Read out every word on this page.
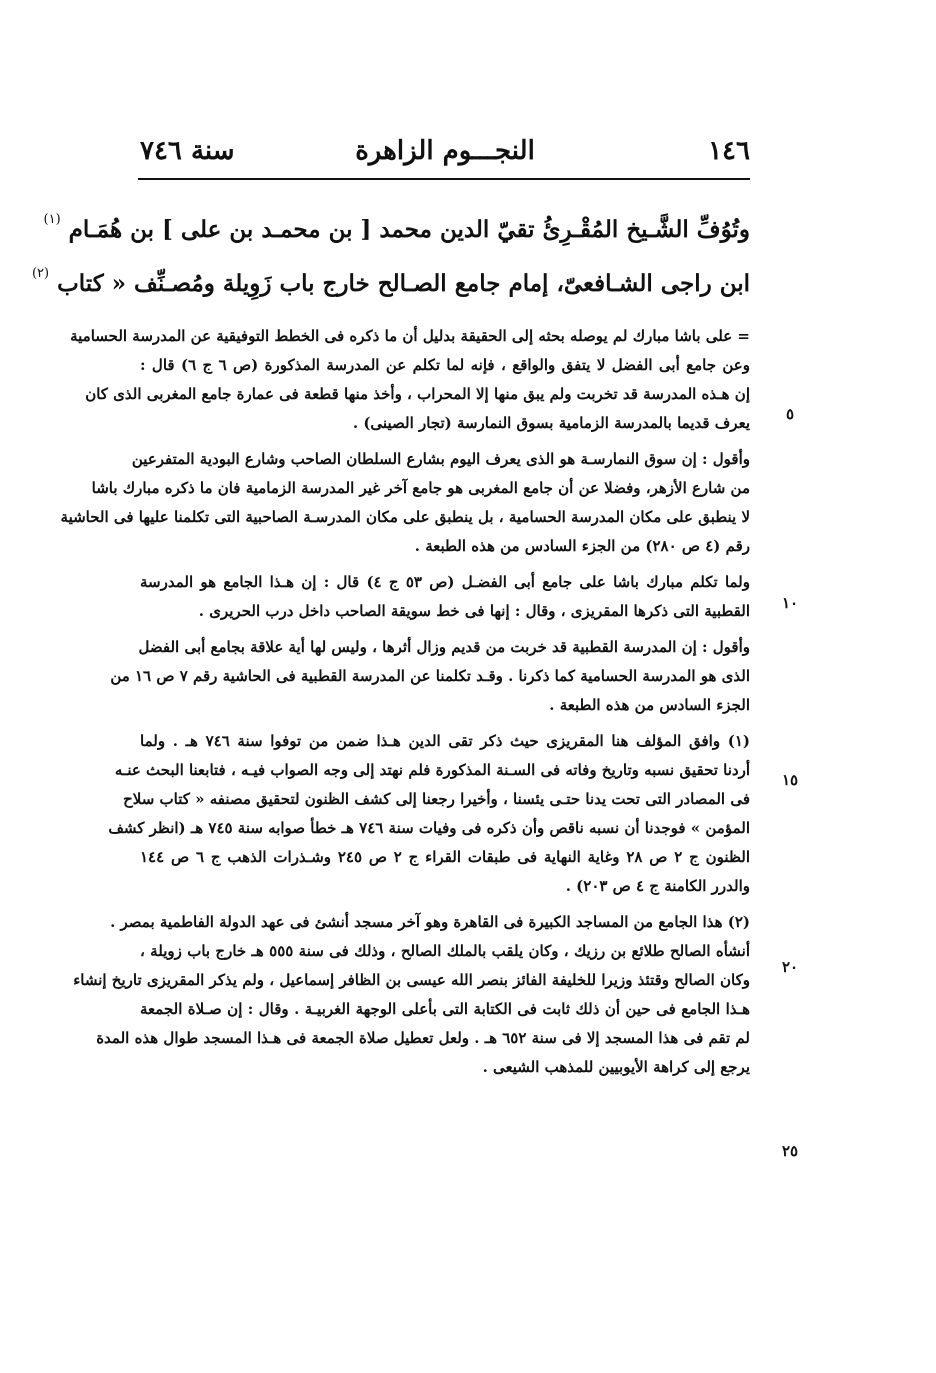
سنة ٧٤٦	النجـــوم الزاهرة	١٤٦
وتُوُفِّ الشَّـيخ المُقْـرِئُ تقيّ الدين محمد [ بن محمـد بن على ] بن هُمَـام $^{(١)}$
ابن راجى الشـافعىّ، إمام جامع الصـالح خارج باب زَوِيلة ومُصـنِّف « كتاب $^{(٢)}$
= على باشا مبارك لم يوصله بحثه إلى الحقيقة بدليل أن ما ذكره فى الخطط التوفيقية عن المدرسة الحسامية
وعن جامع أبى الفضل لا يتفق والواقع ، فإنه لما تكلم عن المدرسة المذكورة (ص ٦ ج ٦) قال :
إن هـذه المدرسة قد تخربت ولم يبق منها إلا المحراب ، وأخذ منها قطعة فى عمارة جامع المغربى الذى كان
يعرف قديما بالمدرسة الزمامية بسوق النمارسة (تجار الصينى) .
وأقول : إن سوق النمارسـة هو الذى يعرف اليوم بشارع السلطان الصاحب وشارع البودية المتفرعين
من شارع الأزهر، وفضلا عن أن جامع المغربى هو جامع آخر غير المدرسة الزمامية فان ما ذكره مبارك باشا
لا ينطبق على مكان المدرسة الحسامية ، بل ينطبق على مكان المدرسـة الصاحبية التى تكلمنا عليها فى الحاشية
رقم (٤ ص ٢٨٠) من الجزء السادس من هذه الطبعة .
ولما تكلم مبارك باشا على جامع أبى الفضـل (ص ٥٣ ج ٤) قال : إن هـذا الجامع هو المدرسة
القطبية التى ذكرها المقريزى ، وقال : إنها فى خط سويقة الصاحب داخل درب الحريرى .
وأقول : إن المدرسة القطبية قد خربت من قديم وزال أثرها ، وليس لها أية علاقة بجامع أبى الفضل
الذى هو المدرسة الحسامية كما ذكرنا . وقـد تكلمنا عن المدرسة القطبية فى الحاشية رقم ٧ ص ١٦ من
الجزء السادس من هذه الطبعة .
(١) وافق المؤلف هنا المقريزى حيث ذكر تقى الدين هـذا ضمن من توفوا سنة ٧٤٦ هـ . ولما
أردنا تحقيق نسبه وتاريخ وفاته فى السـنة المذكورة فلم نهتد إلى وجه الصواب فيـه ، فتابعنا البحث عنـه
فى المصادر التى تحت يدنا حتـى يئسنا ، وأخيرا رجعنا إلى كشف الظنون لتحقيق مصنفه « كتاب سلاح
المؤمن » فوجدنا أن نسبه ناقص وأن ذكره فى وفيات سنة ٧٤٦ هـ خطأ صوابه سنة ٧٤٥ هـ (انظر كشف
الظنون ج ٢ ص ٢٨ وغاية النهاية فى طبقات القراء ج ٢ ص ٢٤٥ وشـذرات الذهب ج ٦ ص ١٤٤
والدرر الكامنة ج ٤ ص ٢٠٣) .
(٢) هذا الجامع من المساجد الكبيرة فى القاهرة وهو آخر مسجد أنشئ فى عهد الدولة الفاطمية بمصر .
أنشأه الصالح طلائع بن رزيك ، وكان يلقب بالملك الصالح ، وذلك فى سنة ٥٥٥ هـ خارج باب زويلة ،
وكان الصالح وقتئذ وزيرا للخليفة الفائز بنصر الله عيسى بن الظافر إسماعيل ، ولم يذكر المقريزى تاريخ إنشاء
هـذا الجامع فى حين أن ذلك ثابت فى الكتابة التى بأعلى الوجهة الغربيـة . وقال : إن صـلاة الجمعة
لم تقم فى هذا المسجد إلا فى سنة ٦٥٢ هـ . ولعل تعطيل صلاة الجمعة فى هـذا المسجد طوال هذه المدة
يرجع إلى كراهة الأيوبيين للمذهب الشيعى .
٥
١٠
١٥
٢٠
٢٥
